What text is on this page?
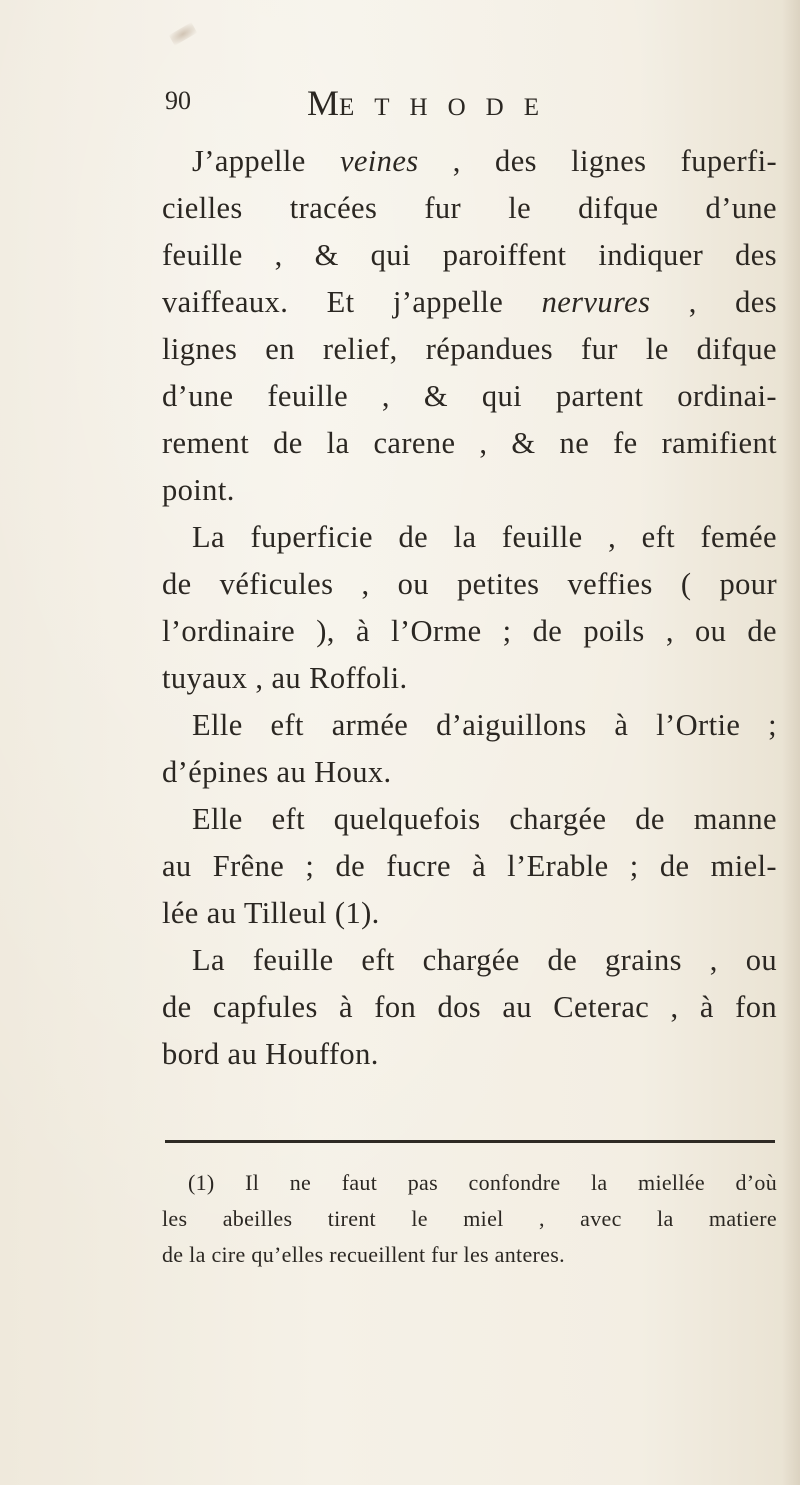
90	METHODE
J’appelle veines , des lignes fuperfi-
cielles tracées fur le difque d’une
feuille , & qui paroiffent indiquer des
vaiffeaux. Et j’appelle nervures , des
lignes en relief, répandues fur le difque
d’une feuille , & qui partent ordinai-
rement de la carene , & ne fe ramifient
point.
La fuperficie de la feuille , eft femée
de véficules , ou petites veffies ( pour
l’ordinaire ), à l’Orme ; de poils , ou de
tuyaux , au Roffoli.
Elle eft armée d’aiguillons à l’Ortie ;
d’épines au Houx.
Elle eft quelquefois chargée de manne
au Frêne ; de fucre à l’Erable ; de miel-
lée au Tilleul (1).
La feuille eft chargée de grains , ou
de capfules à fon dos au Ceterac , à fon
bord au Houffon.
(1) Il ne faut pas confondre la miellée d’où
les abeilles tirent le miel , avec la matiere
de la cire qu’elles recueillent fur les anteres.
